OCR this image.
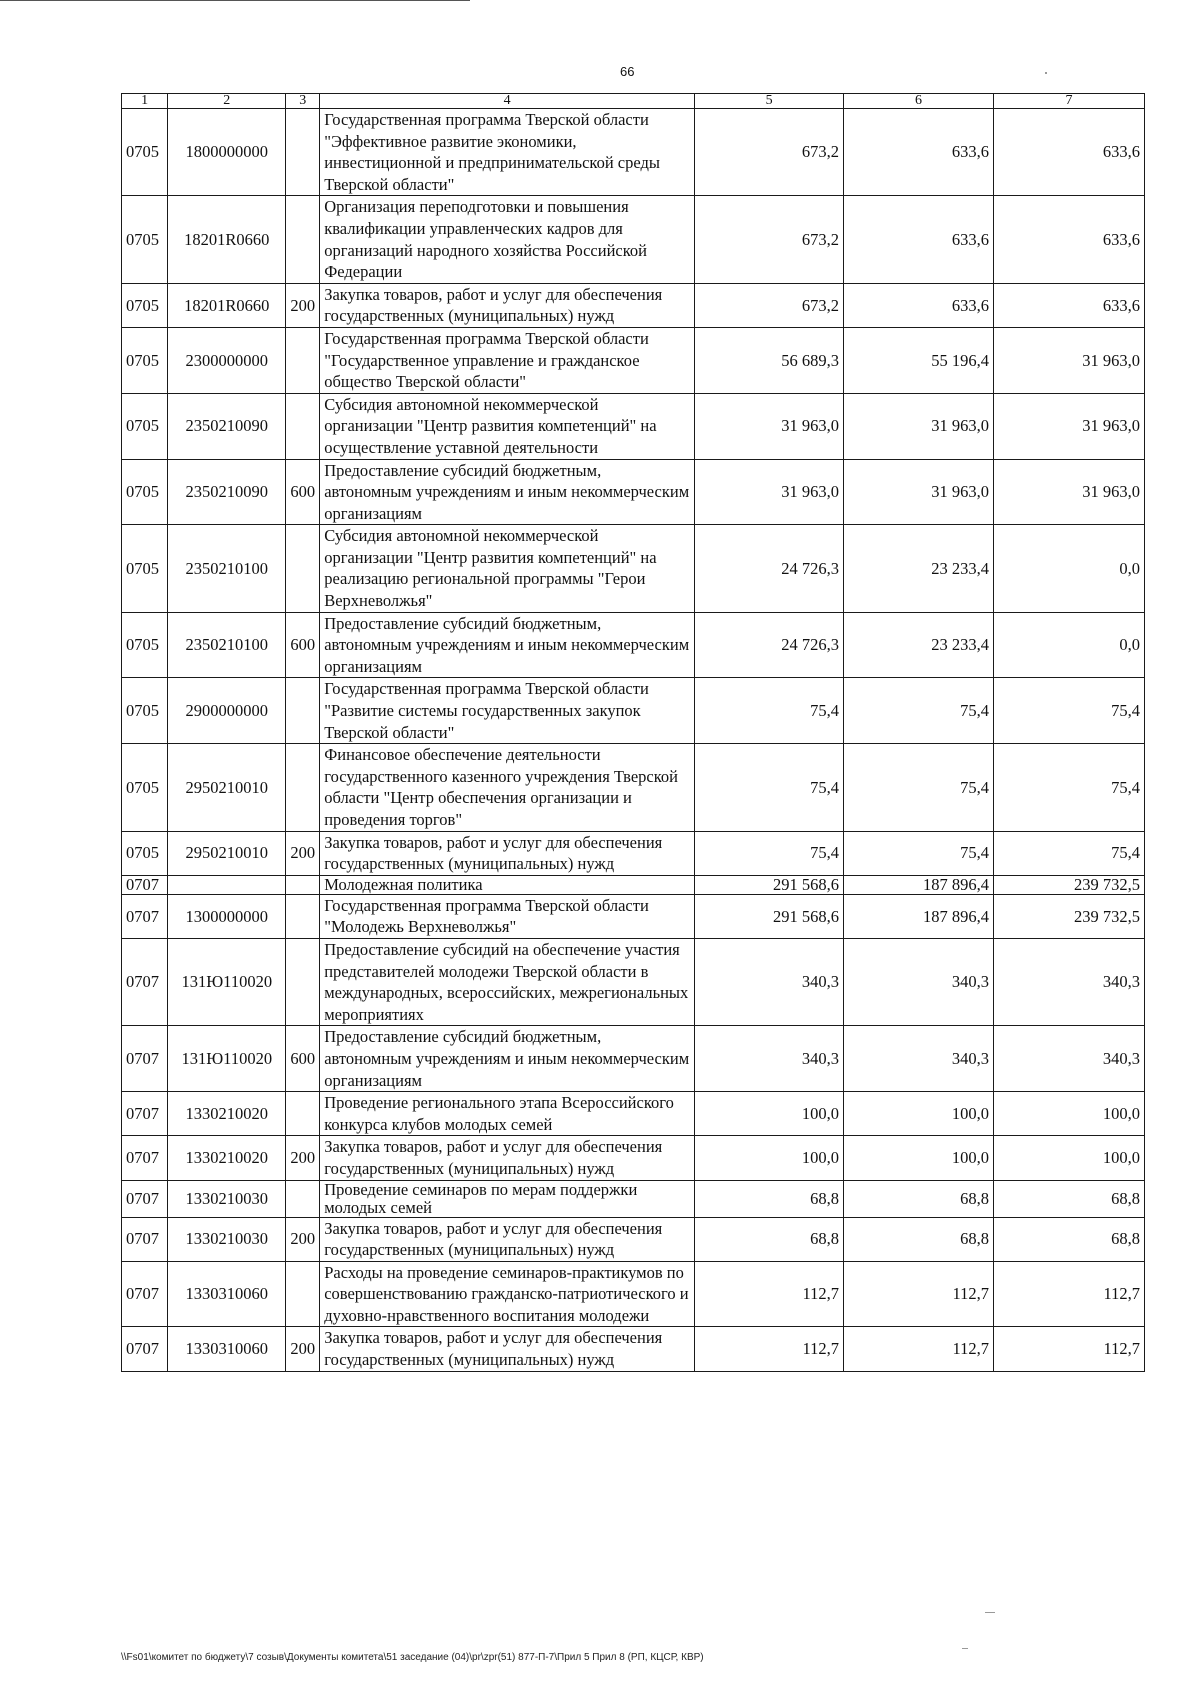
66
1	2	3	4	5	6	7
0705	1800000000		Государственная программа Тверской области "Эффективное развитие экономики, инвестиционной и предпринимательской среды Тверской области"	673,2	633,6	633,6
0705	18201R0660		Организация переподготовки и повышения квалификации управленческих кадров для организаций народного хозяйства Российской Федерации	673,2	633,6	633,6
0705	18201R0660	200	Закупка товаров, работ и услуг для обеспечения государственных (муниципальных) нужд	673,2	633,6	633,6
0705	2300000000		Государственная программа Тверской области "Государственное управление и гражданское общество Тверской области"	56 689,3	55 196,4	31 963,0
0705	2350210090		Субсидия автономной некоммерческой организации "Центр развития компетенций" на осуществление уставной деятельности	31 963,0	31 963,0	31 963,0
0705	2350210090	600	Предоставление субсидий бюджетным, автономным учреждениям и иным некоммерческим организациям	31 963,0	31 963,0	31 963,0
0705	2350210100		Субсидия автономной некоммерческой организации "Центр развития компетенций" на реализацию региональной программы "Герои Верхневолжья"	24 726,3	23 233,4	0,0
0705	2350210100	600	Предоставление субсидий бюджетным, автономным учреждениям и иным некоммерческим организациям	24 726,3	23 233,4	0,0
0705	2900000000		Государственная программа Тверской области "Развитие системы государственных закупок Тверской области"	75,4	75,4	75,4
0705	2950210010		Финансовое обеспечение деятельности государственного казенного учреждения Тверской области "Центр обеспечения организации и проведения торгов"	75,4	75,4	75,4
0705	2950210010	200	Закупка товаров, работ и услуг для обеспечения государственных (муниципальных) нужд	75,4	75,4	75,4
0707			Молодежная политика	291 568,6	187 896,4	239 732,5
0707	1300000000		Государственная программа Тверской области "Молодежь Верхневолжья"	291 568,6	187 896,4	239 732,5
0707	131Ю110020		Предоставление субсидий на обеспечение участия представителей молодежи Тверской области в международных, всероссийских, межрегиональных мероприятиях	340,3	340,3	340,3
0707	131Ю110020	600	Предоставление субсидий бюджетным, автономным учреждениям и иным некоммерческим организациям	340,3	340,3	340,3
0707	1330210020		Проведение регионального этапа Всероссийского конкурса клубов молодых семей	100,0	100,0	100,0
0707	1330210020	200	Закупка товаров, работ и услуг для обеспечения государственных (муниципальных) нужд	100,0	100,0	100,0
0707	1330210030		Проведение семинаров по мерам поддержки молодых семей	68,8	68,8	68,8
0707	1330210030	200	Закупка товаров, работ и услуг для обеспечения государственных (муниципальных) нужд	68,8	68,8	68,8
0707	1330310060		Расходы на проведение семинаров-практикумов по совершенствованию гражданско-патриотического и духовно-нравственного воспитания молодежи	112,7	112,7	112,7
0707	1330310060	200	Закупка товаров, работ и услуг для обеспечения государственных (муниципальных) нужд	112,7	112,7	112,7
\\Fs01\комитет по бюджету\7 созыв\Документы комитета\51 заседание (04)\pr\zpr(51) 877-П-7\Прил 5 Прил 8 (РП, КЦСР, КВР)
